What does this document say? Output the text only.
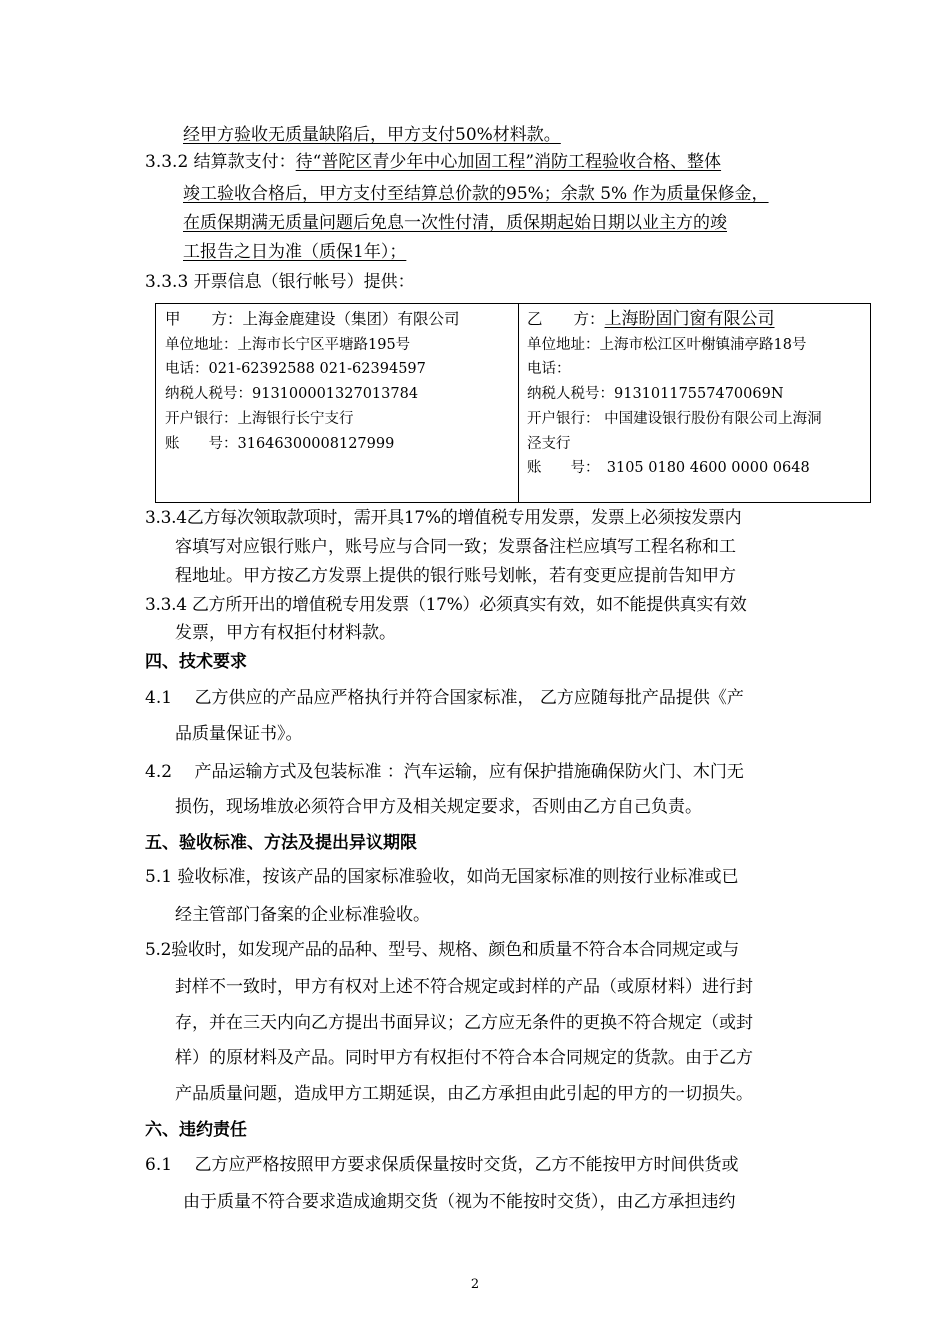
经甲方验收无质量缺陷后，甲方支付50%材料款。
3.3.2 结算款支付：待“普陀区青少年中心加固工程”消防工程验收合格、整体
竣工验收合格后，甲方支付至结算总价款的95%；余款 5% 作为质量保修金，
在质保期满无质量问题后免息一次性付清，质保期起始日期以业主方的竣
工报告之日为准（质保1年）；
3.3.3 开票信息（银行帐号）提供：
甲　　方：上海金鹿建设（集团）有限公司
单位地址：上海市长宁区平塘路195号
电话：021-62392588 021-62394597
纳税人税号：913100001327013784
开户银行：上海银行长宁支行
账　　号：31646300008127999
乙　　方：上海盼固门窗有限公司
单位地址：上海市松江区叶榭镇浦亭路18号
电话：
纳税人税号：91310117557470069N
开户银行： 中国建设银行股份有限公司上海洞
泾支行
账　　号：　3105 0180 4600 0000 0648
3.3.4乙方每次领取款项时，需开具17%的增值税专用发票，发票上必须按发票内
容填写对应银行账户，账号应与合同一致；发票备注栏应填写工程名称和工
程地址。甲方按乙方发票上提供的银行账号划帐，若有变更应提前告知甲方
3.3.4 乙方所开出的增值税专用发票（17%）必须真实有效，如不能提供真实有效
发票，甲方有权拒付材料款。
四、技术要求
4.1　 乙方供应的产品应严格执行并符合国家标准， 乙方应随每批产品提供《产
品质量保证书》。
4.2　 产品运输方式及包装标准 ：汽车运输，应有保护措施确保防火门、木门无
损伤，现场堆放必须符合甲方及相关规定要求，否则由乙方自己负责。
五、验收标准、方法及提出异议期限
5.1 验收标准，按该产品的国家标准验收，如尚无国家标准的则按行业标准或已
经主管部门备案的企业标准验收。
5.2验收时，如发现产品的品种、型号、规格、颜色和质量不符合本合同规定或与
封样不一致时，甲方有权对上述不符合规定或封样的产品（或原材料）进行封
存，并在三天内向乙方提出书面异议；乙方应无条件的更换不符合规定（或封
样）的原材料及产品。同时甲方有权拒付不符合本合同规定的货款。由于乙方
产品质量问题，造成甲方工期延误，由乙方承担由此引起的甲方的一切损失。
六、违约责任
6.1　 乙方应严格按照甲方要求保质保量按时交货，乙方不能按甲方时间供货或
由于质量不符合要求造成逾期交货（视为不能按时交货），由乙方承担违约
2
